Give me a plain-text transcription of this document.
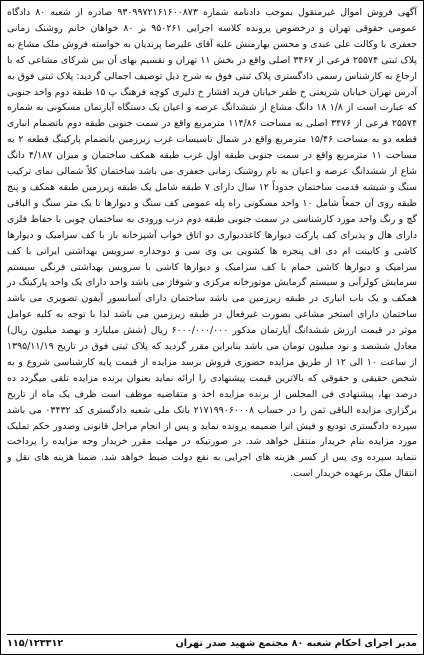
آگهی فروش اموال غیرمنقول بموجب دادنامه شماره ۹۳۰۹۹۷۲۱۶۱۶۰۰۸۷۳ صادره از شعبه ۸۰ دادگاه عمومی حقوقی تهران و درخصوص پرونده کلاسه اجرایی ۹۵۰۲۶۱ بر ۸۰ خواهان خانم روشنک زمانی جعفری با وکالت علی عبدی و محسن بهارمنش علیه آقای علیرضا پرندیان به خواسته فروش ملک مشاع به پلاک ثبتی ۲۵۵۷۴ فرعی از ۳۴۶۷ اصلی واقع در بخش ۱۱ تهران و تقسیم بهای آن بین شرکای مشاعی که با ارجاع به کارشناس رسمی دادگستری پلاک ثبتی فوق به شرح ذیل توصیف اجمالی گردید: پلاک ثبتی فوق به آدرس تهران خیابان شریعتی خ ظفر خیابان فرید افشار خ دلیری کوچه فرهنگ پ ۱۵ طبقه دوم واحد جنوبی که عبارت است از ۱/۸ ۱۸ دانگ مشاع از ششدانگ عرصه و اعیان یک دستگاه آپارتمان مسکونی به شماره ۲۵۵۷۴ فرعی از ۳۴۷۶ اصلی به مساحت ۱۱۴/۸۶ مترمربع واقع در سمت جنوبی طبقه دوم باتضمام انباری قطعه دو به مساحت ۱۵/۴۶ مترمربع واقع در شمال تاسیسات غرب زیرزمین باتضمام پارکینگ قطعه ۲ به مساحت ۱۱ مترمربع واقع در سمت جنوبی طبقه اول غرب طبقه همکف ساختمان و میزان ۴/۱۸۷ دانگ شاع از ششدانگ عرصه و اعیان به نام روشنک زمانی جعفری می باشد ساختمان کلاً شمالی نمای ترکیب سنگ و شیشه قدمت ساختمان حدوداً ۱۲ سال دارای ۷ طبقه شامل یک طبقه زیرزمین طبقه همکف و پنج طبقه روی آن جمعاً شامل ۱۰ واحد مسکونی راه پله عمومی کف سنگ و دیوارها تا یک متر سنگ و الباقی گچ و رنگ واحد مورد کارشناسی در سمت جنوبی طبقه دوم درب ورودی به ساختمان چوبی با حفاظ فلزی دارای هال و پذیرای کف پارکت دیوارها کاغذدیواری دو اتاق خواب آشپزخانه باز با کف سرامیک و دیوارها کاشی و کابینت ام دی اف پنجره ها کشویی بی وی سی و دوجداره سرویس بهداشتی ایرانی با کف سرامیک و دیوارها کاشی حمام با کف سرامیک و دیوارها کاشی با سرویس بهداشتی فرنگی سیستم سرمایش کولرآبی و سیستم گرمایش موتورخانه مرکزی و شوفاژ می باشد واحد دارای یک واحد پارکینگ در همکف و یک باب انباری در طبقه زیرزمین می باشد ساختمان دارای آسانسور آیفون تصویری می باشد ساختمان دارای استخر مشاعی بصورت غیرفعال در طبقه زیرزمین می باشد لذا با توجه به کلیه عوامل موثر در قیمت ارزش ششدانگ آپارتمان مذکور ۶۰۰۰/۰۰۰/۰۰۰ ریال (شش میلیارد و نهصد میلیون ریال) معادل ششصد و نود میلیون تومان می باشد بنابراین مقرر گردید که پلاک ثبتی فوق در تاریخ ۱۳۹۵/۱۱/۱۹ از ساعت ۱۰ الی ۱۲ از طریق مزایده حضوری فروش برسد مزایده از قیمت پایه کارشناسی شروع و به شخص حقیقی و حقوقی که بالاترین قیمت پیشنهادی را ارائه نماید بعنوان برنده مزایده تلقی میگردد ده درصد بها، پیشنهادی فی المجلس از برنده مزایده اخذ و متقاضیه موظف است ظرف یک ماه از تاریخ برگزاری مزایده الباقی ثمن را در حساب ۲۱۷۱۹۹۰۶۰۰۰۸ بانک ملی شعبه دادگستری کد ۰۳۴۳۲ می باشد سپرده دادگستری تودیع و فیش انرا ضمیمه پرونده نماید و پس از انجام مراحل قانونی وصدور حکم تملیک مورد مزایده بنام خریدار منتقل خواهد شد. در صورتیکه در مهلت مقرر خریدار وجه مزایده را پرداخت ننماید سپرده وی پس از کسر هزینه های اجرایی به نفع دولت ضبط خواهد شد. ضمنا هزینه های نقل و انتقال ملک برعهده خریدار است.

مدیر اجرای احکام شعبه ۸۰ مجتمع شهید صدر تهران
۱۱۵/۱۲۳۳۱۲
